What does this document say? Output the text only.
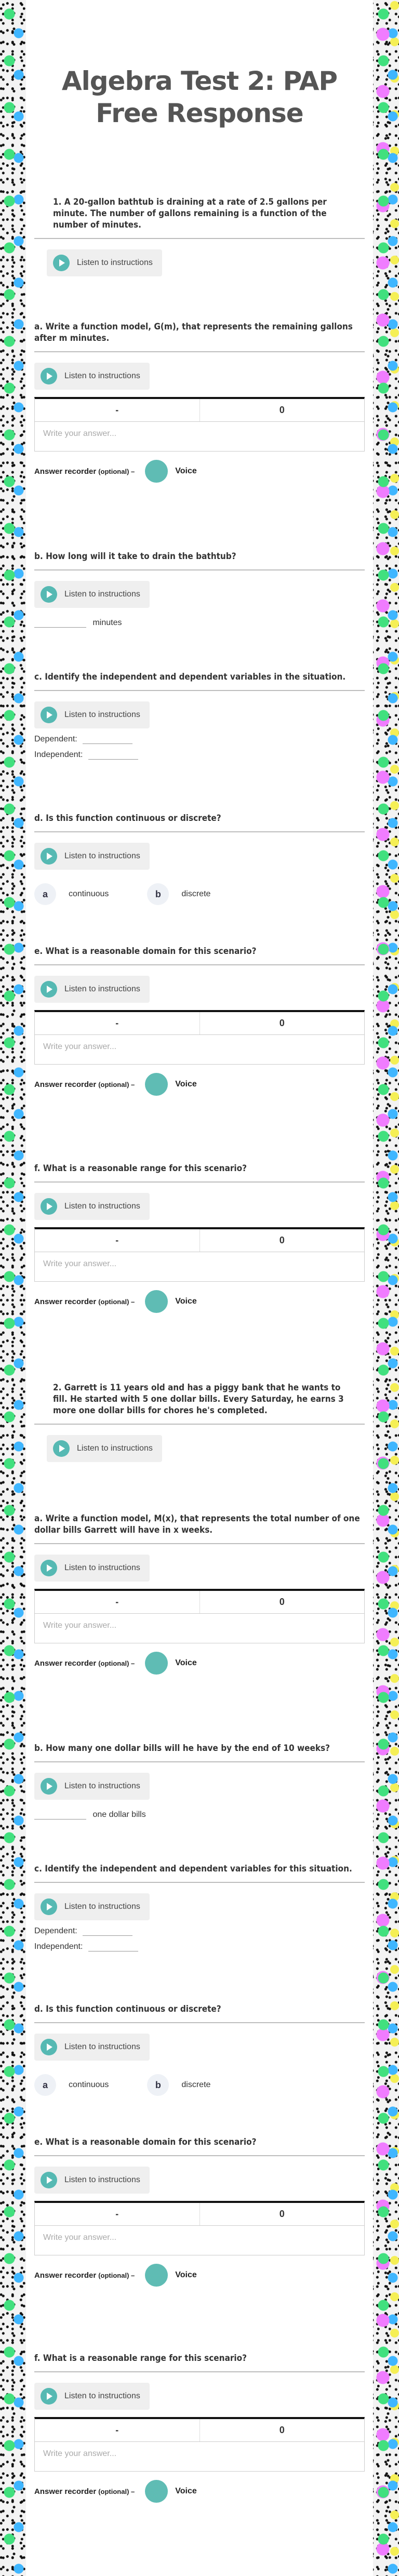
Algebra Test 2: PAP Free Response

1. A 20-gallon bathtub is draining at a rate of 2.5 gallons per minute. The number of gallons remaining is a function of the number of minutes.

Listen to instructions
a. Write a function model, G(m), that represents the remaining gallons after m minutes.
Listen to instructions
-	0
Write your answer...
Answer recorder (optional) –	Voice
b. How long will it take to drain the bathtub?
Listen to instructions
minutes
c. Identify the independent and dependent variables in the situation.
Listen to instructions
Dependent:
Independent:
d. Is this function continuous or discrete?
Listen to instructions
a	continuous	b	discrete
e. What is a reasonable domain for this scenario?
Listen to instructions
-	0
Write your answer...
Answer recorder (optional) –	Voice
f. What is a reasonable range for this scenario?
Listen to instructions
-	0
Write your answer...
Answer recorder (optional) –	Voice

2. Garrett is 11 years old and has a piggy bank that he wants to fill. He started with 5 one dollar bills. Every Saturday, he earns 3 more one dollar bills for chores he's completed.

Listen to instructions
a. Write a function model, M(x), that represents the total number of one dollar bills Garrett will have in x weeks.
Listen to instructions
-	0
Write your answer...
Answer recorder (optional) –	Voice
b. How many one dollar bills will he have by the end of 10 weeks?
Listen to instructions
one dollar bills
c. Identify the independent and dependent variables for this situation.
Listen to instructions
Dependent:
Independent:
d. Is this function continuous or discrete?
Listen to instructions
a	continuous	b	discrete
e. What is a reasonable domain for this scenario?
Listen to instructions
-	0
Write your answer...
Answer recorder (optional) –	Voice
f. What is a reasonable range for this scenario?
Listen to instructions
-	0
Write your answer...
Answer recorder (optional) –	Voice
